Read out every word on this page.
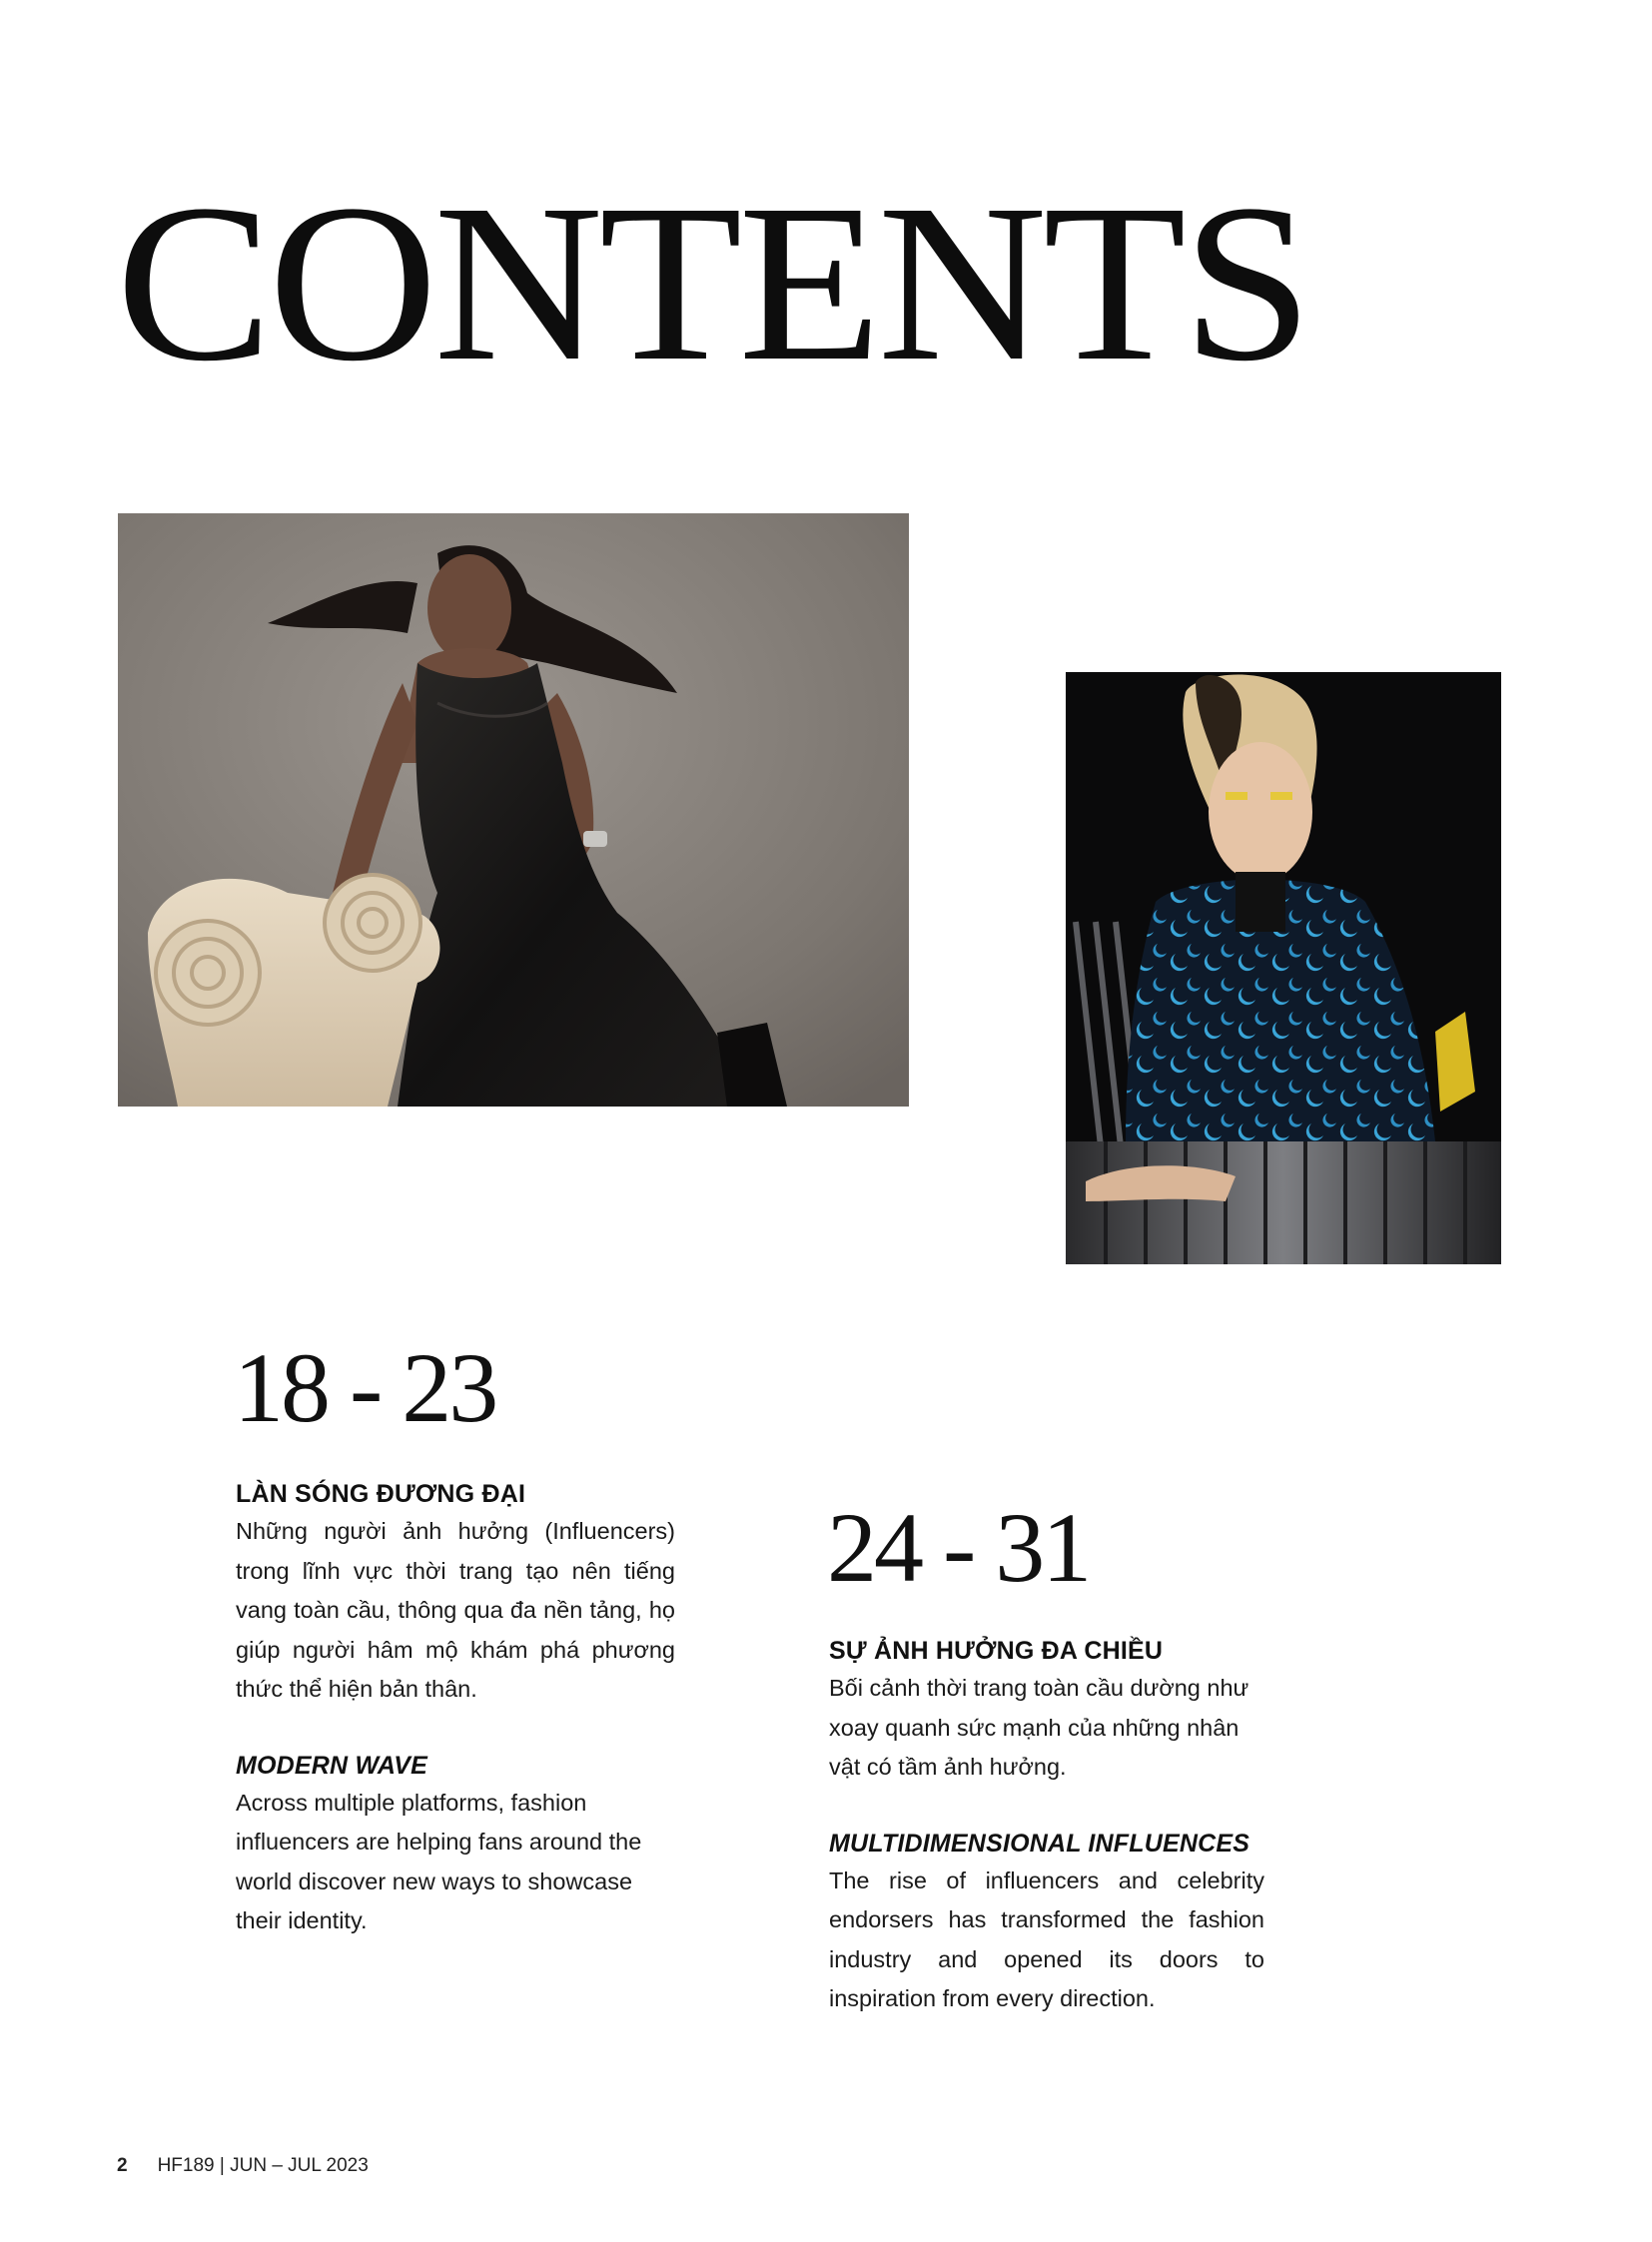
CONTENTS
18 - 23

LÀN SÓNG ĐƯƠNG ĐẠI

Những người ảnh hưởng (Influencers) trong lĩnh vực thời trang tạo nên tiếng vang toàn cầu, thông qua đa nền tảng, họ giúp người hâm mộ khám phá phương thức thể hiện bản thân.

MODERN WAVE

Across multiple platforms, fashion influencers are helping fans around the world discover new ways to showcase their identity.

24 - 31

SỰ ẢNH HƯỞNG ĐA CHIỀU

Bối cảnh thời trang toàn cầu dường như xoay quanh sức mạnh của những nhân vật có tầm ảnh hưởng.

MULTIDIMENSIONAL INFLUENCES

The rise of influencers and celebrity endorsers has transformed the fashion industry and opened its doors to inspiration from every direction.

2 HF189 | JUN – JUL 2023
